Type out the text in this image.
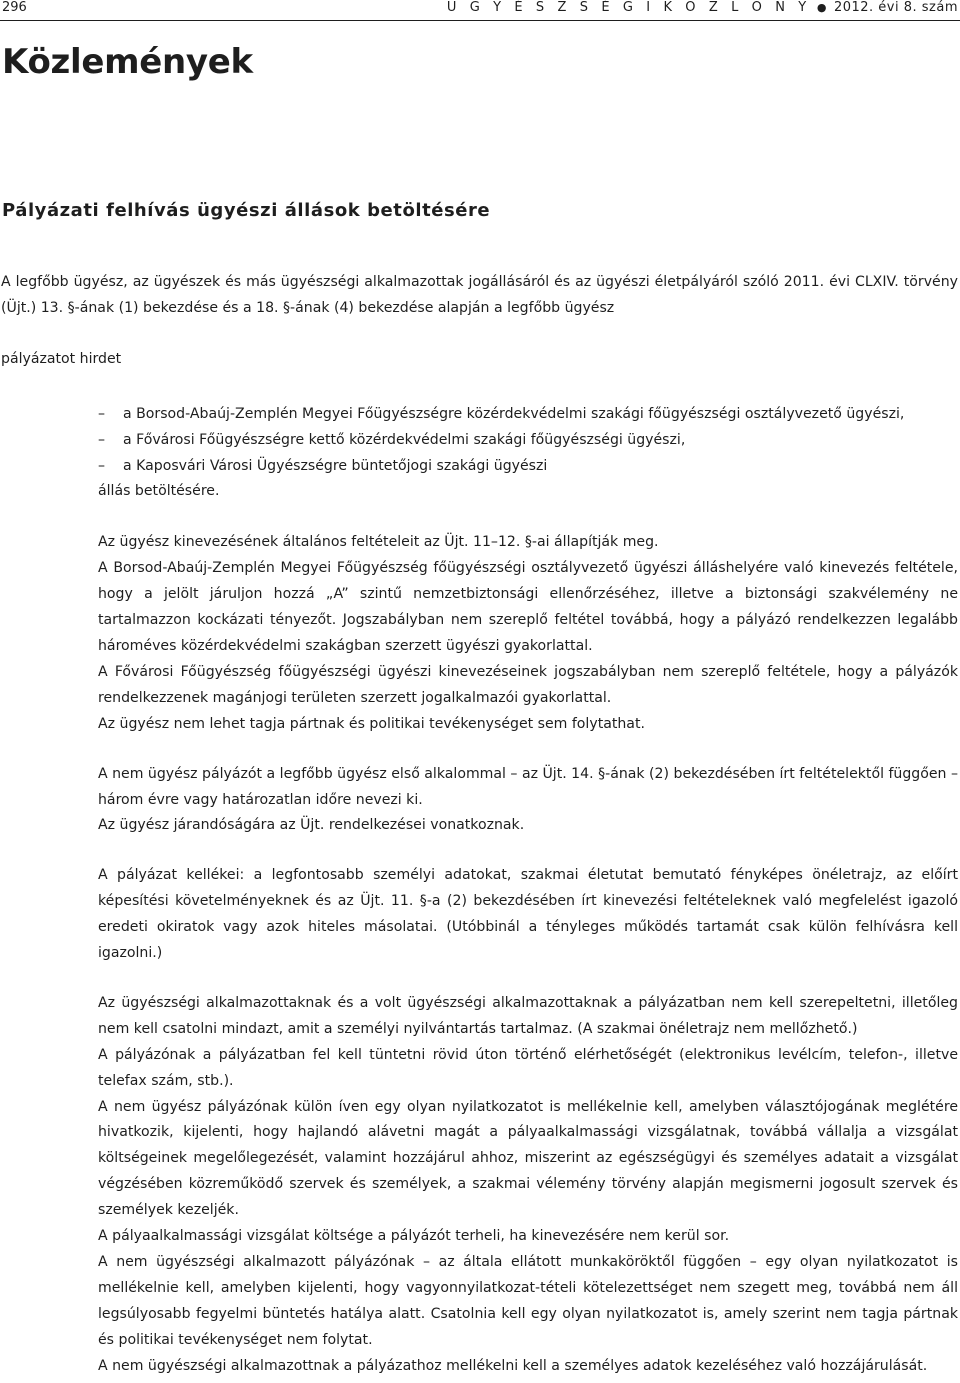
296	Ü G Y É S Z S É G I K Ö Z L Ö N Y ● 2012. évi 8. szám
Közlemények
Pályázati felhívás ügyészi állások betöltésére

A legfőbb ügyész, az ügyészek és más ügyészségi alkalmazottak jogállásáról és az ügyészi életpályáról szóló 2011. évi CLXIV. törvény (Üjt.) 13. §-ának (1) bekezdése és a 18. §-ának (4) bekezdése alapján a legfőbb ügyész

pályázatot hirdet

– a Borsod-Abaúj-Zemplén Megyei Főügyészségre közérdekvédelmi szakági főügyészségi osztályvezető ügyészi,

– a Fővárosi Főügyészségre kettő közérdekvédelmi szakági főügyészségi ügyészi,

– a Kaposvári Városi Ügyészségre büntetőjogi szakági ügyészi

állás betöltésére.

Az ügyész kinevezésének általános feltételeit az Üjt. 11–12. §-ai állapítják meg.

A Borsod-Abaúj-Zemplén Megyei Főügyészség főügyészségi osztályvezető ügyészi álláshelyére való kinevezés feltétele, hogy a jelölt járuljon hozzá „A” szintű nemzetbiztonsági ellenőrzéséhez, illetve a biztonsági szakvélemény ne tartalmazzon kockázati tényezőt. Jogszabályban nem szereplő feltétel továbbá, hogy a pályázó rendelkezzen legalább hároméves közérdekvédelmi szakágban szerzett ügyészi gyakorlattal.

A Fővárosi Főügyészség főügyészségi ügyészi kinevezéseinek jogszabályban nem szereplő feltétele, hogy a pályázók rendelkezzenek magánjogi területen szerzett jogalkalmazói gyakorlattal.

Az ügyész nem lehet tagja pártnak és politikai tevékenységet sem folytathat.

A nem ügyész pályázót a legfőbb ügyész első alkalommal – az Üjt. 14. §-ának (2) bekezdésében írt feltételektől függően – három évre vagy határozatlan időre nevezi ki.

Az ügyész járandóságára az Üjt. rendelkezései vonatkoznak.

A pályázat kellékei: a legfontosabb személyi adatokat, szakmai életutat bemutató fényképes önéletrajz, az előírt képesítési követelményeknek és az Üjt. 11. §-a (2) bekezdésében írt kinevezési feltételeknek való megfelelést igazoló eredeti okiratok vagy azok hiteles másolatai. (Utóbbinál a tényleges működés tartamát csak külön felhívásra kell igazolni.)

Az ügyészségi alkalmazottaknak és a volt ügyészségi alkalmazottaknak a pályázatban nem kell szerepeltetni, illetőleg nem kell csatolni mindazt, amit a személyi nyilvántartás tartalmaz. (A szakmai önéletrajz nem mellőzhető.)

A pályázónak a pályázatban fel kell tüntetni rövid úton történő elérhetőségét (elektronikus levélcím, telefon-, illetve telefax szám, stb.).

A nem ügyész pályázónak külön íven egy olyan nyilatkozatot is mellékelnie kell, amelyben választójogának meglétére hivatkozik, kijelenti, hogy hajlandó alávetni magát a pályaalkalmassági vizsgálatnak, továbbá vállalja a vizsgálat költségeinek megelőlegezését, valamint hozzájárul ahhoz, miszerint az egészségügyi és személyes adatait a vizsgálat végzésében közreműködő szervek és személyek, a szakmai vélemény törvény alapján megismerni jogosult szervek és személyek kezeljék.

A pályaalkalmassági vizsgálat költsége a pályázót terheli, ha kinevezésére nem kerül sor.

A nem ügyészségi alkalmazott pályázónak – az általa ellátott munkaköröktől függően – egy olyan nyilatkozatot is mellékelnie kell, amelyben kijelenti, hogy vagyonnyilatkozat-tételi kötelezettséget nem szegett meg, továbbá nem áll legsúlyosabb fegyelmi büntetés hatálya alatt. Csatolnia kell egy olyan nyilatkozatot is, amely szerint nem tagja pártnak és politikai tevékenységet nem folytat.

A nem ügyészségi alkalmazottnak a pályázathoz mellékelni kell a személyes adatok kezeléséhez való hozzájárulását.
